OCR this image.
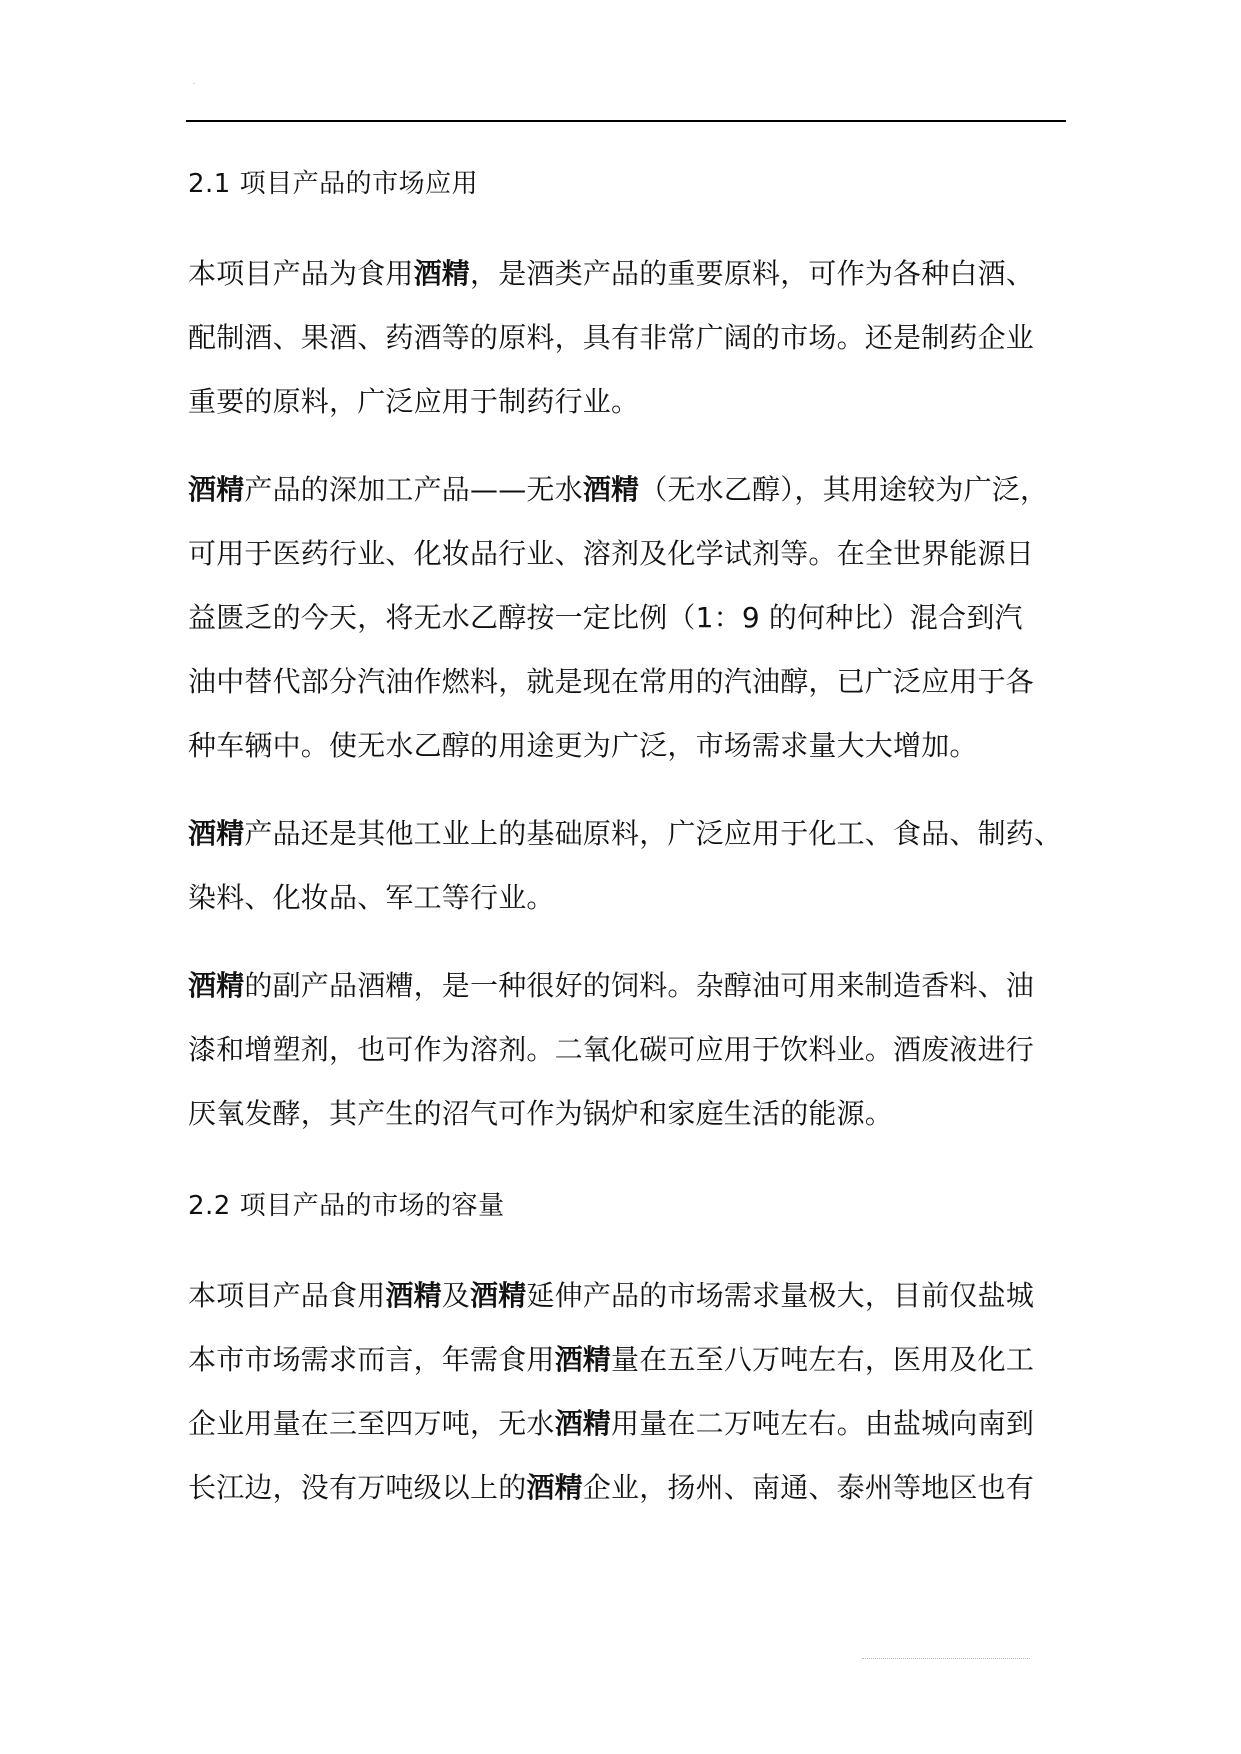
-
2.1 项目产品的市场应用
本项目产品为食用酒精，是酒类产品的重要原料，可作为各种白酒、
配制酒、果酒、药酒等的原料，具有非常广阔的市场。还是制药企业
重要的原料，广泛应用于制药行业。
酒精产品的深加工产品——无水酒精（无水乙醇），其用途较为广泛，
可用于医药行业、化妆品行业、溶剂及化学试剂等。在全世界能源日
益匮乏的今天，将无水乙醇按一定比例（1：9 的何种比）混合到汽
油中替代部分汽油作燃料，就是现在常用的汽油醇，已广泛应用于各
种车辆中。使无水乙醇的用途更为广泛，市场需求量大大增加。
酒精产品还是其他工业上的基础原料，广泛应用于化工、食品、制药、
染料、化妆品、军工等行业。
酒精的副产品酒糟，是一种很好的饲料。杂醇油可用来制造香料、油
漆和增塑剂，也可作为溶剂。二氧化碳可应用于饮料业。酒废液进行
厌氧发酵，其产生的沼气可作为锅炉和家庭生活的能源。
2.2 项目产品的市场的容量
本项目产品食用酒精及酒精延伸产品的市场需求量极大，目前仅盐城
本市市场需求而言，年需食用酒精量在五至八万吨左右，医用及化工
企业用量在三至四万吨，无水酒精用量在二万吨左右。由盐城向南到
长江边，没有万吨级以上的酒精企业，扬州、南通、泰州等地区也有
